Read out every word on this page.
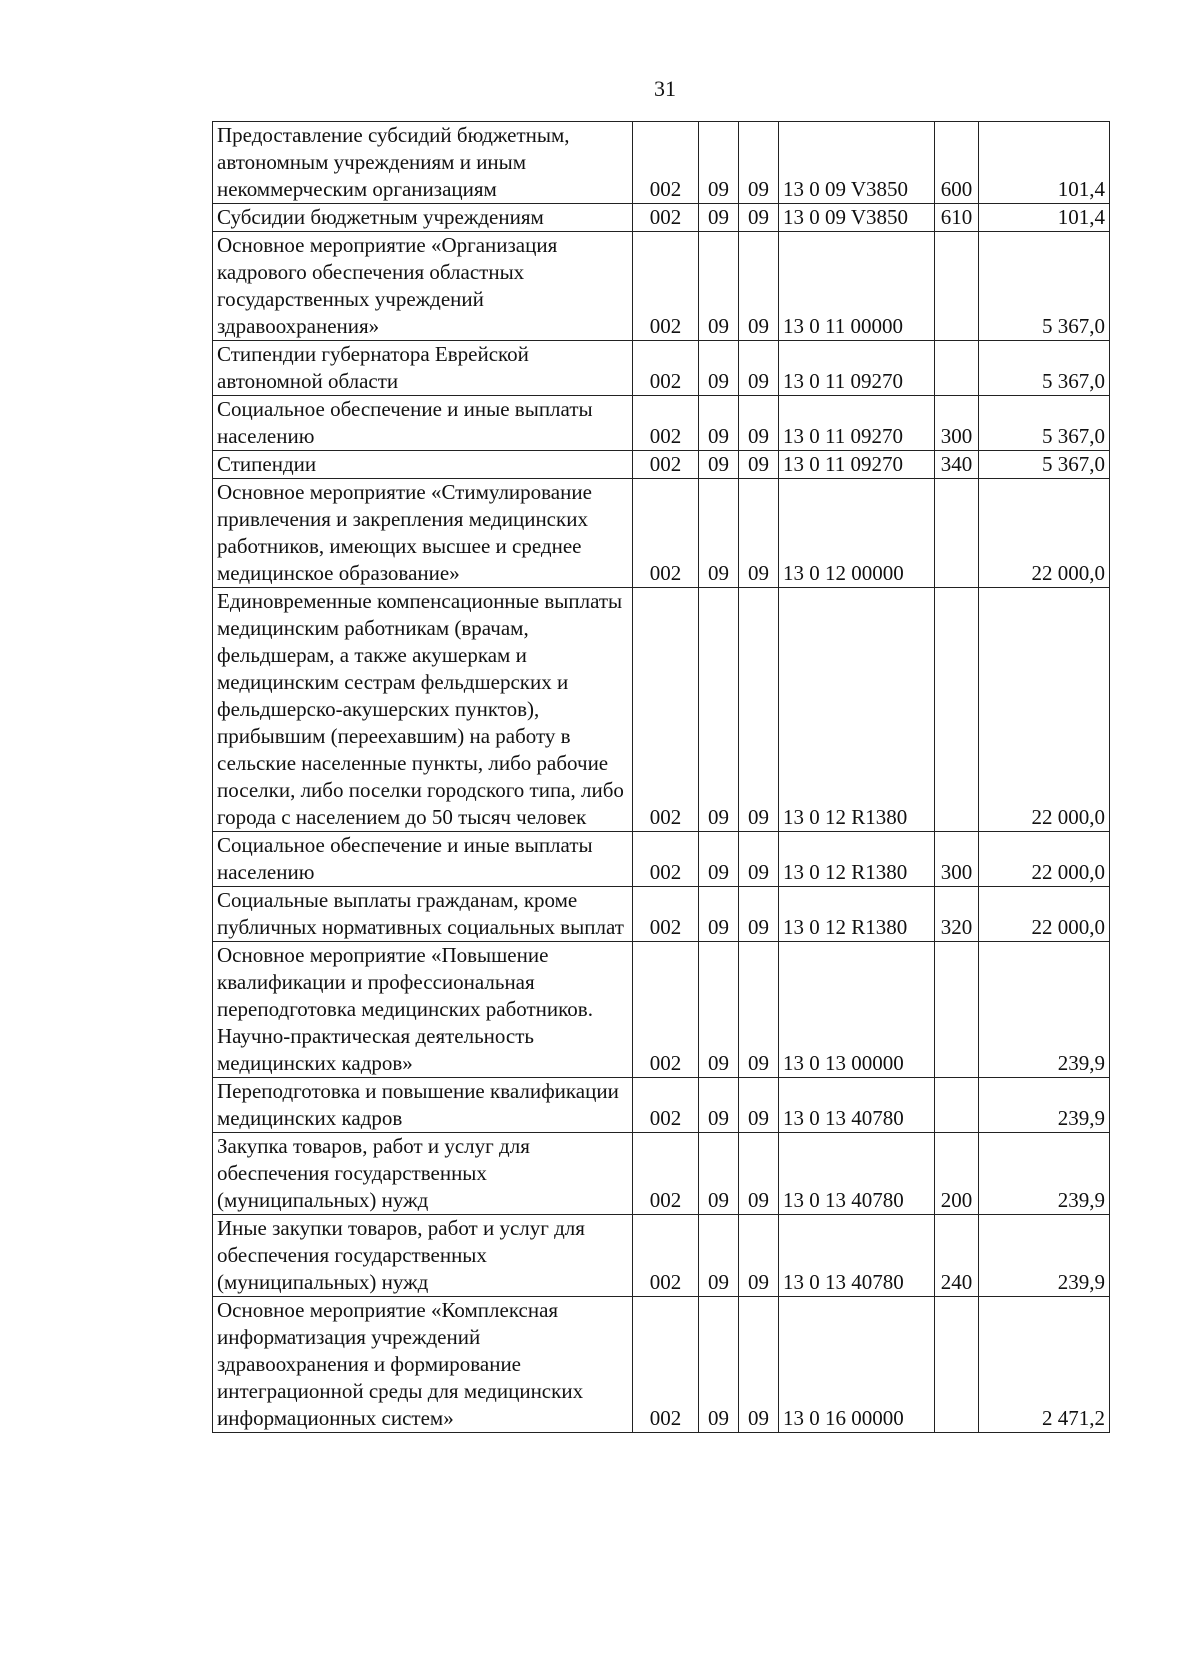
31
Предоставление субсидий бюджетным, автономным учреждениям и иным некоммерческим организациям	002	09	09	13 0 09 V3850	600	101,4
Субсидии бюджетным учреждениям	002	09	09	13 0 09 V3850	610	101,4
Основное мероприятие «Организация кадрового обеспечения областных государственных учреждений здравоохранения»	002	09	09	13 0 11 00000		5 367,0
Стипендии губернатора Еврейской автономной области	002	09	09	13 0 11 09270		5 367,0
Социальное обеспечение и иные выплаты населению	002	09	09	13 0 11 09270	300	5 367,0
Стипендии	002	09	09	13 0 11 09270	340	5 367,0
Основное мероприятие «Стимулирование привлечения и закрепления медицинских работников, имеющих высшее и среднее медицинское образование»	002	09	09	13 0 12 00000		22 000,0
Единовременные компенсационные выплаты медицинским работникам (врачам, фельдшерам, а также акушеркам и медицинским сестрам фельдшерских и фельдшерско-акушерских пунктов), прибывшим (переехавшим) на работу в сельские населенные пункты, либо рабочие поселки, либо поселки городского типа, либо города с населением до 50 тысяч человек	002	09	09	13 0 12 R1380		22 000,0
Социальное обеспечение и иные выплаты населению	002	09	09	13 0 12 R1380	300	22 000,0
Социальные выплаты гражданам, кроме публичных нормативных социальных выплат	002	09	09	13 0 12 R1380	320	22 000,0
Основное мероприятие «Повышение квалификации и профессиональная переподготовка медицинских работников. Научно-практическая деятельность медицинских кадров»	002	09	09	13 0 13 00000		239,9
Переподготовка и повышение квалификации медицинских кадров	002	09	09	13 0 13 40780		239,9
Закупка товаров, работ и услуг для обеспечения государственных (муниципальных) нужд	002	09	09	13 0 13 40780	200	239,9
Иные закупки товаров, работ и услуг для обеспечения государственных (муниципальных) нужд	002	09	09	13 0 13 40780	240	239,9
Основное мероприятие «Комплексная информатизация учреждений здравоохранения и формирование интеграционной среды для медицинских информационных систем»	002	09	09	13 0 16 00000		2 471,2
